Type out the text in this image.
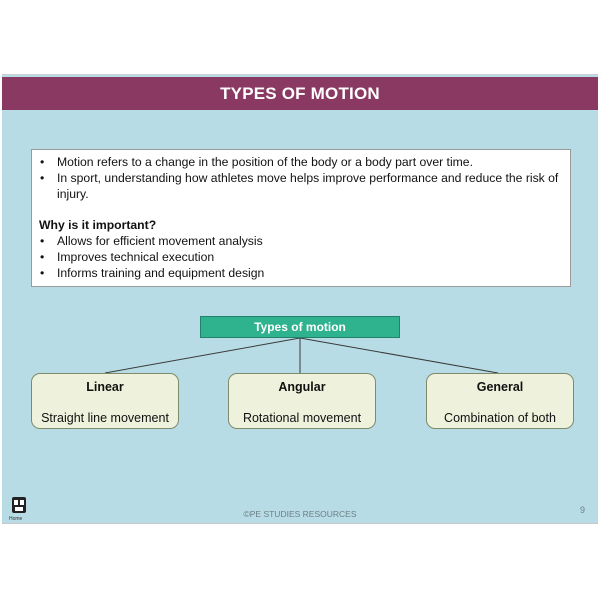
TYPES OF MOTION
• Motion refers to a change in the position of the body or a body part over time.
• In sport, understanding how athletes move helps improve performance and reduce the risk of injury.
Why is it important?
• Allows for efficient movement analysis
• Improves technical execution
• Informs training and equipment design
Types of motion
Linear
Straight line movement
Angular
Rotational movement
General
Combination of both
Home	©PE STUDIES RESOURCES	9
